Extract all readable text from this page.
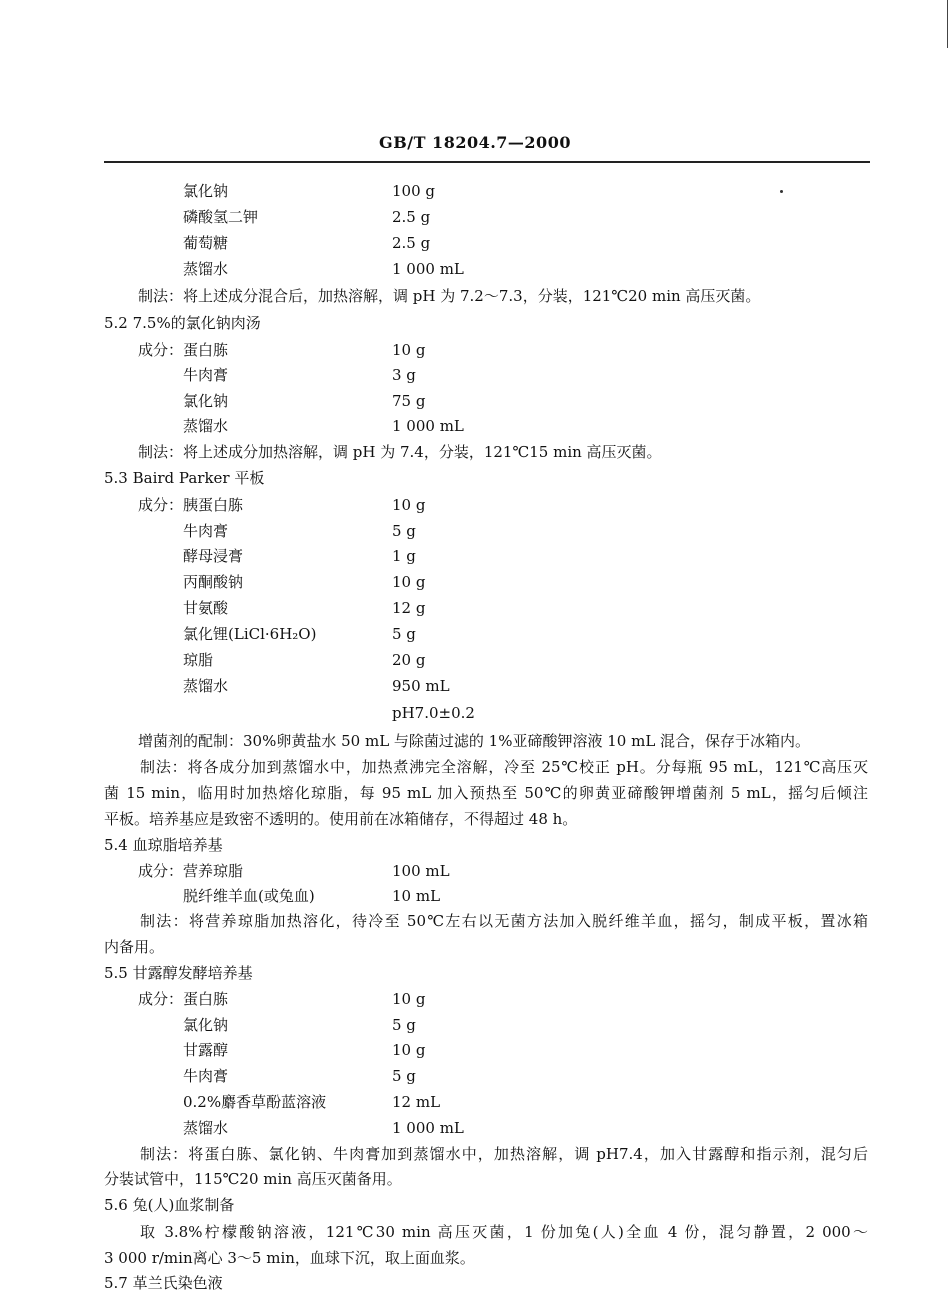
GB/T 18204.7—2000
氯化钠	100 g
磷酸氢二钾	2.5 g
葡萄糖	2.5 g
蒸馏水	1 000 mL
制法：将上述成分混合后，加热溶解，调 pH 为 7.2～7.3，分装，121℃20 min 高压灭菌。
5.2 7.5%的氯化钠肉汤
成分：蛋白胨	10 g
牛肉膏	3 g
氯化钠	75 g
蒸馏水	1 000 mL
制法：将上述成分加热溶解，调 pH 为 7.4，分装，121℃15 min 高压灭菌。
5.3 Baird Parker 平板
成分：胰蛋白胨	10 g
牛肉膏	5 g
酵母浸膏	1 g
丙酮酸钠	10 g
甘氨酸	12 g
氯化锂(LiCl·6H₂O)	5 g
琼脂	20 g
蒸馏水	950 mL
pH7.0±0.2
增菌剂的配制：30%卵黄盐水 50 mL 与除菌过滤的 1%亚碲酸钾溶液 10 mL 混合，保存于冰箱内。
制法：将各成分加到蒸馏水中，加热煮沸完全溶解，冷至 25℃校正 pH。分每瓶 95 mL，121℃高压灭
菌 15 min，临用时加热熔化琼脂，每 95 mL 加入预热至 50℃的卵黄亚碲酸钾增菌剂 5 mL，摇匀后倾注
平板。培养基应是致密不透明的。使用前在冰箱储存，不得超过 48 h。
5.4 血琼脂培养基
成分：营养琼脂	100 mL
脱纤维羊血(或兔血)	10 mL
制法：将营养琼脂加热溶化，待冷至 50℃左右以无菌方法加入脱纤维羊血，摇匀，制成平板，置冰箱
内备用。
5.5 甘露醇发酵培养基
成分：蛋白胨	10 g
氯化钠	5 g
甘露醇	10 g
牛肉膏	5 g
0.2%麝香草酚蓝溶液	12 mL
蒸馏水	1 000 mL
制法：将蛋白胨、氯化钠、牛肉膏加到蒸馏水中，加热溶解，调 pH7.4，加入甘露醇和指示剂，混匀后
分装试管中，115℃20 min 高压灭菌备用。
5.6 兔(人)血浆制备
取 3.8%柠檬酸钠溶液，121℃30 min 高压灭菌，1 份加兔(人)全血 4 份，混匀静置，2 000～
3 000 r/min离心 3～5 min，血球下沉，取上面血浆。
5.7 革兰氏染色液
